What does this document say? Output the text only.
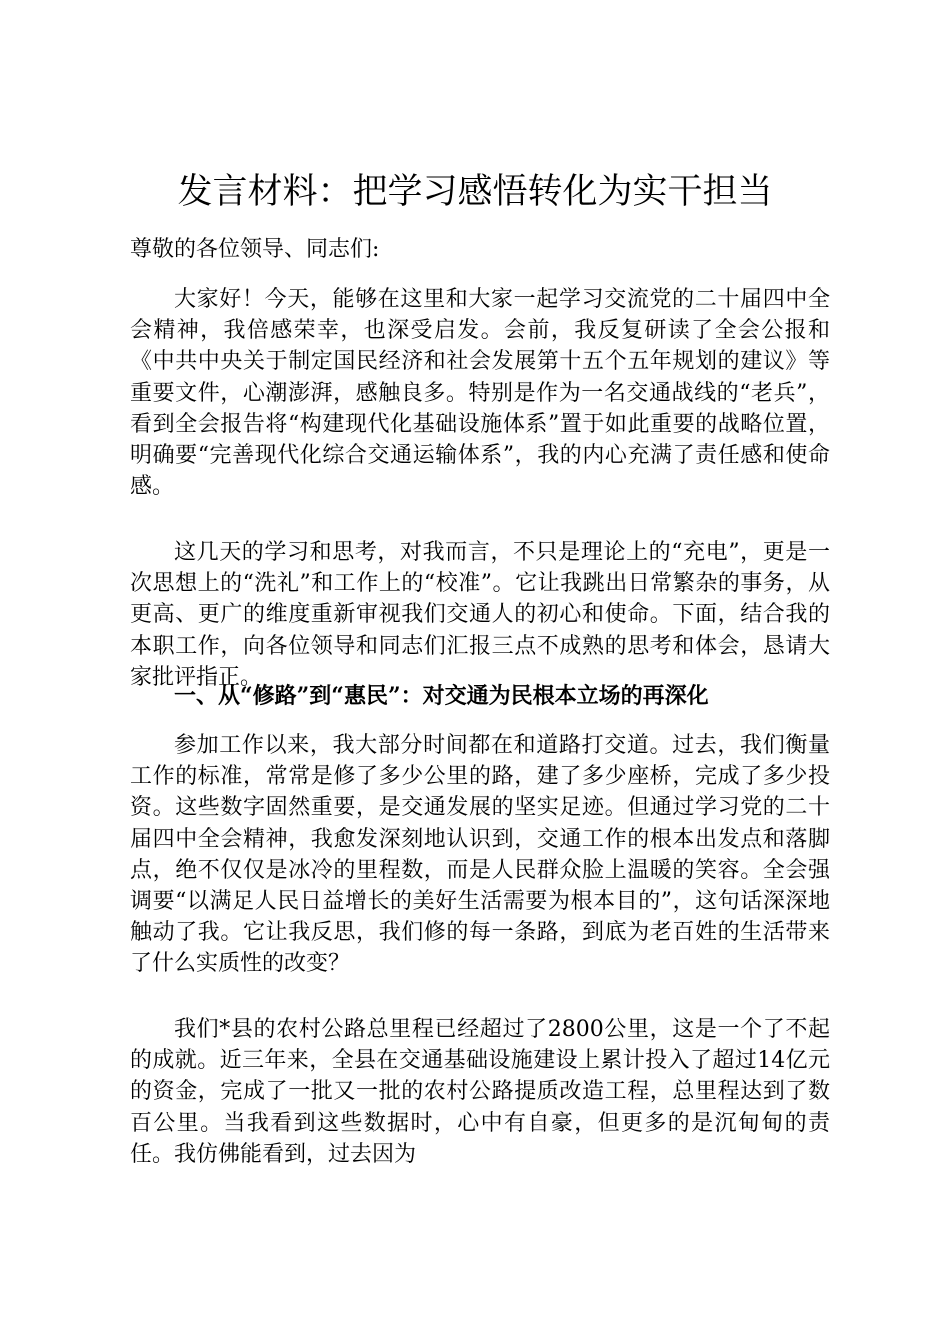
发言材料：把学习感悟转化为实干担当

尊敬的各位领导、同志们:

大家好！今天，能够在这里和大家一起学习交流党的二十届四中全会精神，我倍感荣幸，也深受启发。会前，我反复研读了全会公报和《中共中央关于制定国民经济和社会发展第十五个五年规划的建议》等重要文件，心潮澎湃，感触良多。特别是作为一名交通战线的“老兵”，看到全会报告将“构建现代化基础设施体系”置于如此重要的战略位置，明确要“完善现代化综合交通运输体系”，我的内心充满了责任感和使命感。

这几天的学习和思考，对我而言，不只是理论上的“充电”，更是一次思想上的“洗礼”和工作上的“校准”。它让我跳出日常繁杂的事务，从更高、更广的维度重新审视我们交通人的初心和使命。下面，结合我的本职工作，向各位领导和同志们汇报三点不成熟的思考和体会，恳请大家批评指正。

一、从“修路”到“惠民”：对交通为民根本立场的再深化

参加工作以来，我大部分时间都在和道路打交道。过去，我们衡量工作的标准，常常是修了多少公里的路，建了多少座桥，完成了多少投资。这些数字固然重要，是交通发展的坚实足迹。但通过学习党的二十届四中全会精神，我愈发深刻地认识到，交通工作的根本出发点和落脚点，绝不仅仅是冰冷的里程数，而是人民群众脸上温暖的笑容。全会强调要“以满足人民日益增长的美好生活需要为根本目的”，这句话深深地触动了我。它让我反思，我们修的每一条路，到底为老百姓的生活带来了什么实质性的改变？

我们*县的农村公路总里程已经超过了2800公里，这是一个了不起的成就。近三年来，全县在交通基础设施建设上累计投入了超过14亿元的资金，完成了一批又一批的农村公路提质改造工程，总里程达到了数百公里。当我看到这些数据时，心中有自豪，但更多的是沉甸甸的责任。我仿佛能看到，过去因为
